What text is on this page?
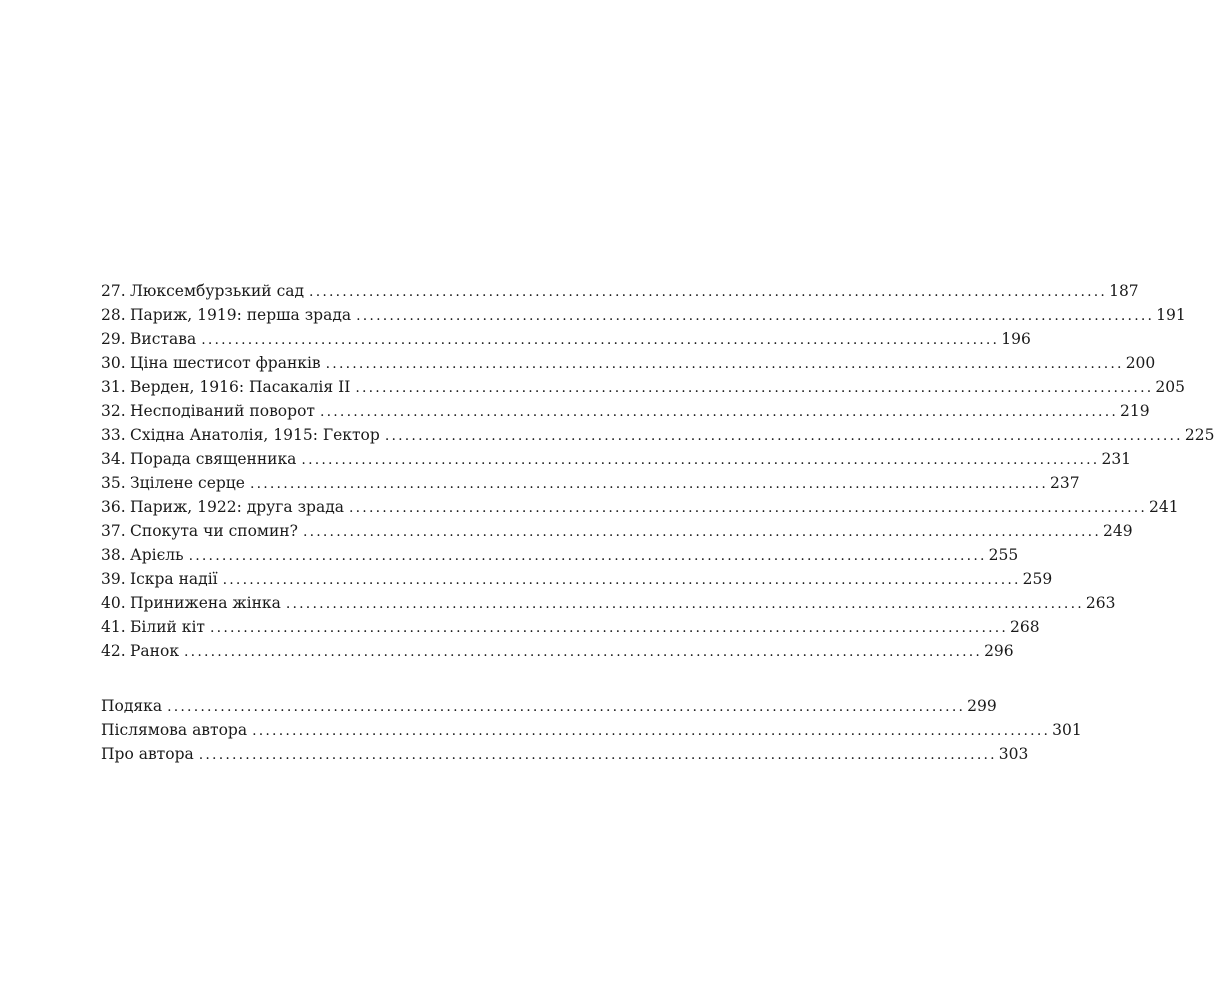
27. Люксембурзький сад ........................................................................................................................ 187
28. Париж, 1919: перша зрада ........................................................................................................................ 191
29. Вистава ........................................................................................................................ 196
30. Ціна шестисот франків ........................................................................................................................ 200
31. Верден, 1916: Пасакалія ІІ ........................................................................................................................ 205
32. Несподіваний поворот ........................................................................................................................ 219
33. Східна Анатолія, 1915: Гектор ........................................................................................................................ 225
34. Порада священника ........................................................................................................................ 231
35. Зцілене серце ........................................................................................................................ 237
36. Париж, 1922: друга зрада ........................................................................................................................ 241
37. Спокута чи спомин? ........................................................................................................................ 249
38. Арієль ........................................................................................................................ 255
39. Іскра надії ........................................................................................................................ 259
40. Принижена жінка ........................................................................................................................ 263
41. Білий кіт ........................................................................................................................ 268
42. Ранок ........................................................................................................................ 296
Подяка ........................................................................................................................ 299
Післямова автора ........................................................................................................................ 301
Про автора ........................................................................................................................ 303
